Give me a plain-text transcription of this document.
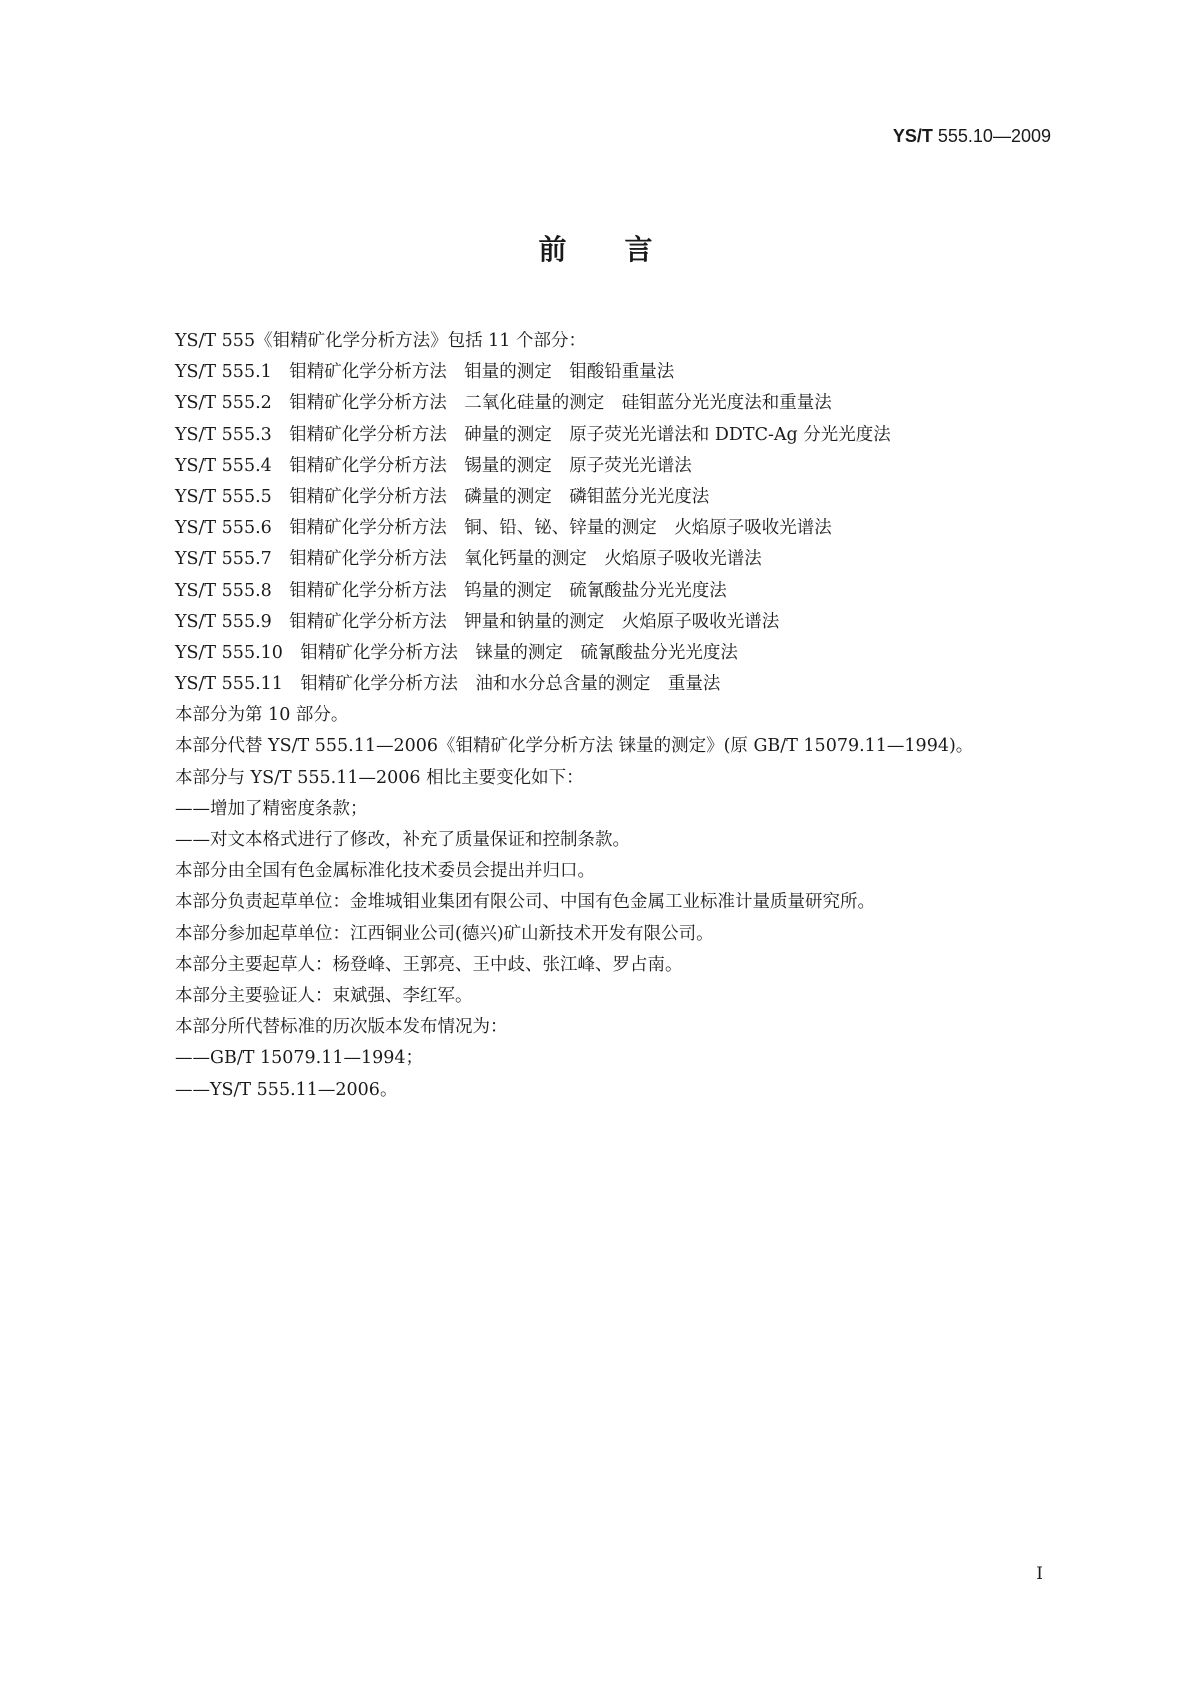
YS/T 555.10—2009
前言
YS/T 555《钼精矿化学分析方法》包括 11 个部分：
YS/T 555.1　钼精矿化学分析方法　钼量的测定　钼酸铅重量法
YS/T 555.2　钼精矿化学分析方法　二氧化硅量的测定　硅钼蓝分光光度法和重量法
YS/T 555.3　钼精矿化学分析方法　砷量的测定　原子荧光光谱法和 DDTC-Ag 分光光度法
YS/T 555.4　钼精矿化学分析方法　锡量的测定　原子荧光光谱法
YS/T 555.5　钼精矿化学分析方法　磷量的测定　磷钼蓝分光光度法
YS/T 555.6　钼精矿化学分析方法　铜、铅、铋、锌量的测定　火焰原子吸收光谱法
YS/T 555.7　钼精矿化学分析方法　氧化钙量的测定　火焰原子吸收光谱法
YS/T 555.8　钼精矿化学分析方法　钨量的测定　硫氰酸盐分光光度法
YS/T 555.9　钼精矿化学分析方法　钾量和钠量的测定　火焰原子吸收光谱法
YS/T 555.10　钼精矿化学分析方法　铼量的测定　硫氰酸盐分光光度法
YS/T 555.11　钼精矿化学分析方法　油和水分总含量的测定　重量法
本部分为第 10 部分。
本部分代替 YS/T 555.11—2006《钼精矿化学分析方法 铼量的测定》(原 GB/T 15079.11—1994)。
本部分与 YS/T 555.11—2006 相比主要变化如下：
——增加了精密度条款；
——对文本格式进行了修改，补充了质量保证和控制条款。
本部分由全国有色金属标准化技术委员会提出并归口。
本部分负责起草单位：金堆城钼业集团有限公司、中国有色金属工业标准计量质量研究所。
本部分参加起草单位：江西铜业公司(德兴)矿山新技术开发有限公司。
本部分主要起草人：杨登峰、王郭亮、王中歧、张江峰、罗占南。
本部分主要验证人：束斌强、李红军。
本部分所代替标准的历次版本发布情况为：
——GB/T 15079.11—1994；
——YS/T 555.11—2006。
I
